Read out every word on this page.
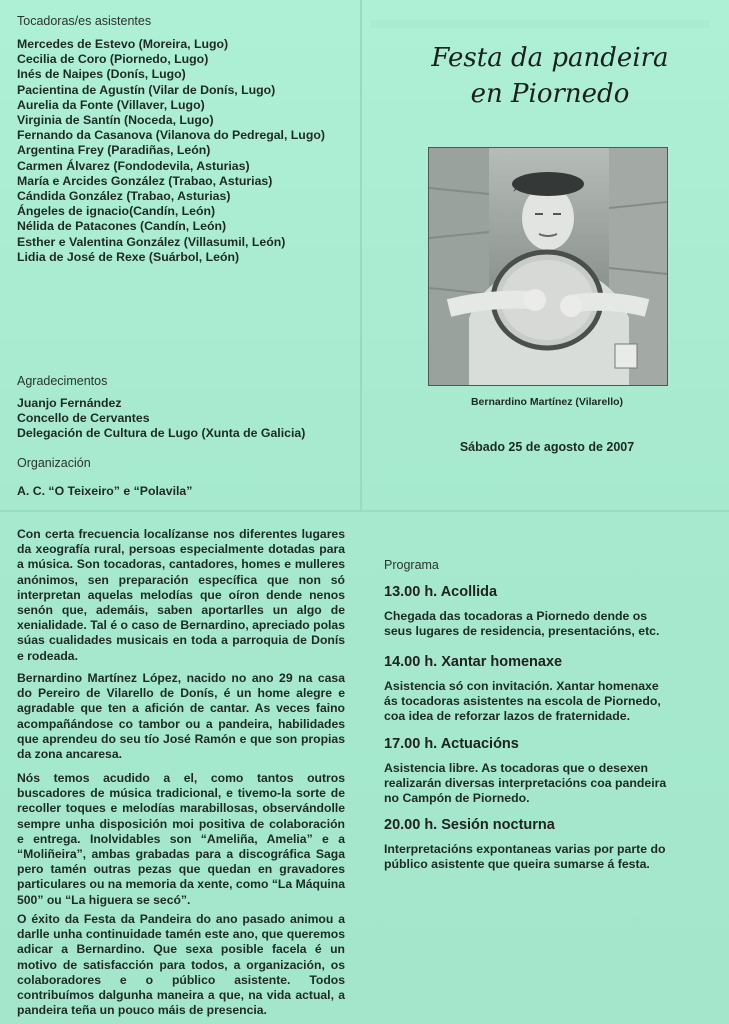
Tocadoras/es asistentes
Mercedes de Estevo (Moreira, Lugo)
Cecilia de Coro (Piornedo, Lugo)
Inés de Naipes (Donís, Lugo)
Pacientina de Agustín (Vilar de Donís, Lugo)
Aurelia da Fonte (Villaver, Lugo)
Virginia de Santín (Noceda, Lugo)
Fernando da Casanova (Vilanova do Pedregal, Lugo)
Argentina Frey (Paradiñas, León)
Carmen Álvarez (Fondodevila, Asturias)
María e Arcides González (Trabao, Asturias)
Cándida González (Trabao, Asturias)
Ángeles de ignacio(Candín, León)
Nélida de Patacones (Candín, León)
Esther e Valentina González (Villasumil, León)
Lidia de José de Rexe (Suárbol, León)
Agradecimentos
Juanjo Fernández
Concello de Cervantes
Delegación de Cultura de Lugo (Xunta de Galicia)
Organización
A. C. “O Teixeiro” e “Polavila”
Festa da pandeira
en Piornedo
Bernardino Martínez (Vilarello)
Sábado 25 de agosto de 2007

Con certa frecuencia localízanse nos diferentes lugares da xeografía rural, persoas especialmente dotadas para a música. Son tocadoras, cantadores, homes e mulleres anónimos, sen preparación específica que non só interpretan aquelas melodías que oíron dende nenos senón que, ademáis, saben aportarlles un algo de xenialidade. Tal é o caso de Bernardino, apreciado polas súas cualidades musicais en toda a parroquia de Donís e rodeada.

Bernardino Martínez López, nacido no ano 29 na casa do Pereiro de Vilarello de Donís, é un home alegre e agradable que ten a afición de cantar. As veces faino acompañándose co tambor ou a pandeira, habilidades que aprendeu do seu tío José Ramón e que son propias da zona ancaresa.

Nós temos acudido a el, como tantos outros buscadores de música tradicional, e tivemo-la sorte de recoller toques e melodías marabillosas, observándolle sempre unha disposición moi positiva de colaboración e entrega. Inolvidables son “Ameliña, Amelia” e a “Moliñeira”, ambas grabadas para a discográfica Saga pero tamén outras pezas que quedan en gravadores particulares ou na memoria da xente, como “La Máquina 500” ou “La higuera se secó”.

O éxito da Festa da Pandeira do ano pasado animou a darlle unha continuidade tamén este ano, que queremos adicar a Bernardino. Que sexa posible facela é un motivo de satisfacción para todos, a organización, os colaboradores e o público asistente. Todos contribuímos dalgunha maneira a que, na vida actual, a pandeira teña un pouco máis de presencia.

Programa
13.00 h. Acollida

Chegada das tocadoras a Piornedo dende os seus lugares de residencia, presentacións, etc.

14.00 h. Xantar homenaxe

Asistencia só con invitación. Xantar homenaxe ás tocadoras asistentes na escola de Piornedo, coa idea de reforzar lazos de fraternidade.

17.00 h. Actuacións

Asistencia libre. As tocadoras que o desexen realizarán diversas interpretacións coa pandeira no Campón de Piornedo.

20.00 h. Sesión nocturna

Interpretacións expontaneas varias por parte do público asistente que queira sumarse á festa.
